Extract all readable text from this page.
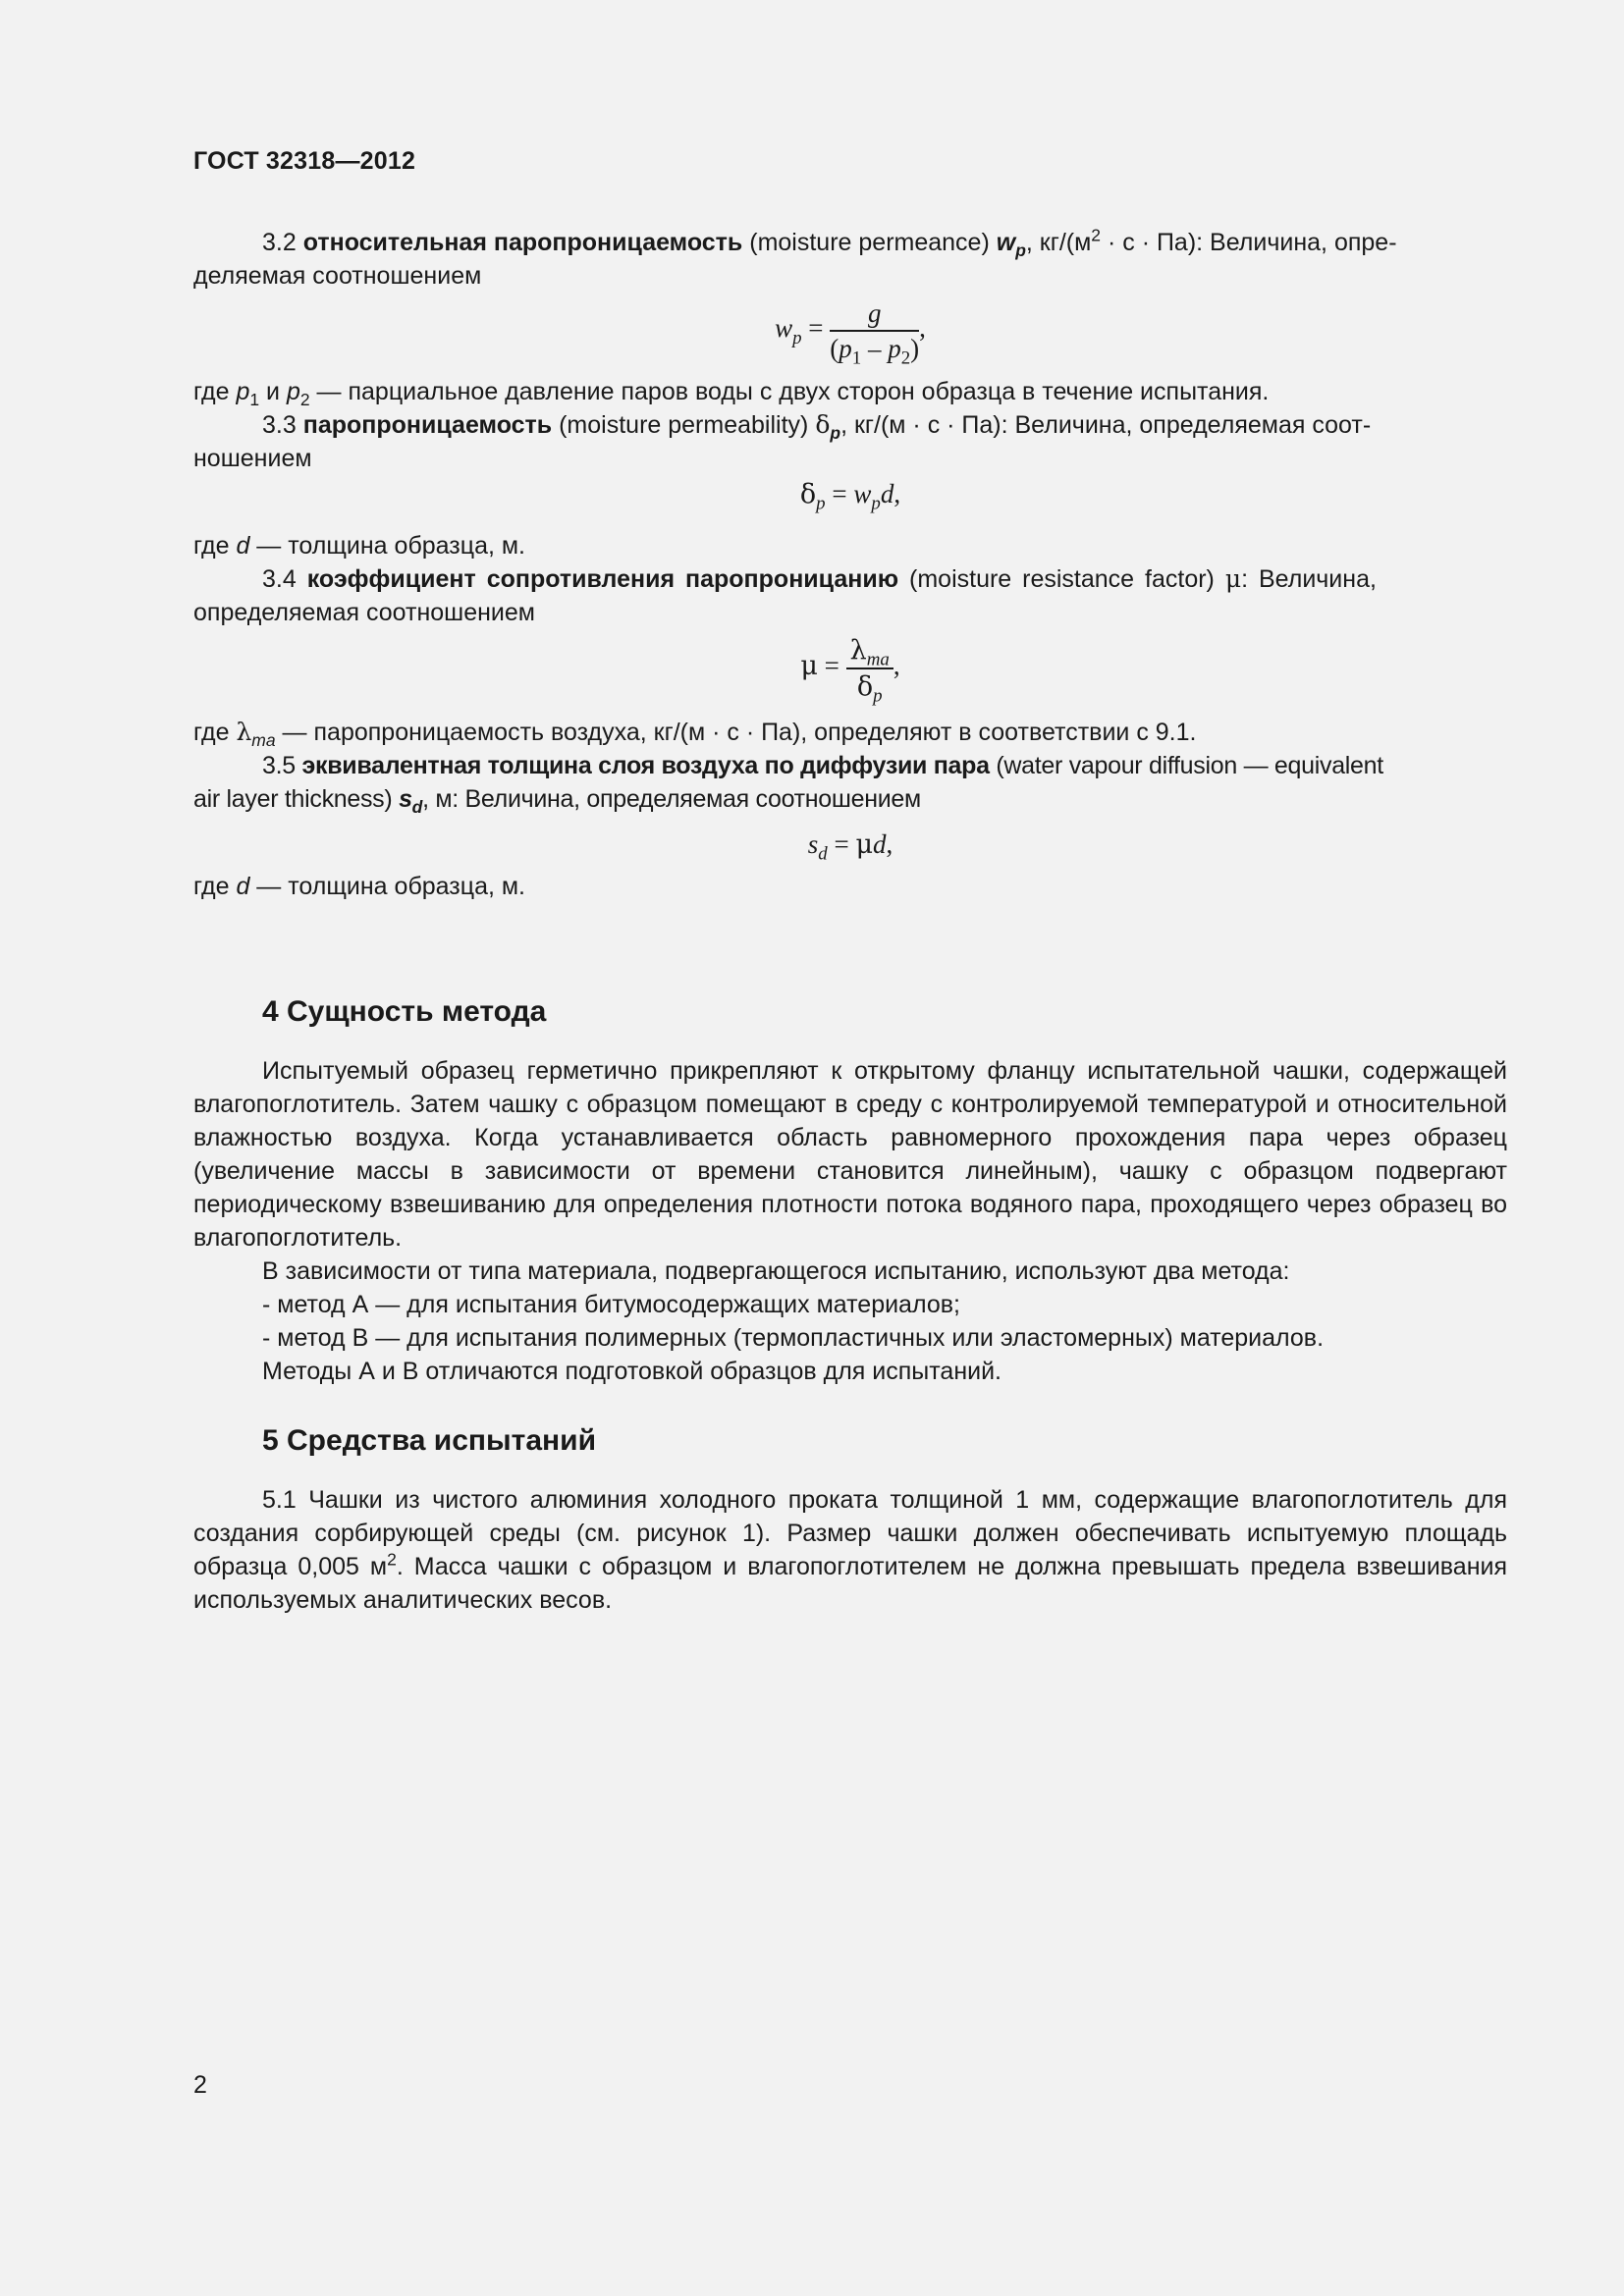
ГОСТ 32318—2012

3.2 относительная паропроницаемость (moisture permeance) $w_p$, $кг/(м^2 \cdot с \cdot Па)$: Величина, опре-
деляемая соотношением

$w_p = \frac{g}{(p_1 - p_2)}$ ,

где $p_1$ и $p_2$ — парциальное давление паров воды с двух сторон образца в течение испытания.

3.3 паропроницаемость (moisture permeability) $\delta_p$, кг/(м · с · Па): Величина, определяемая соот-
ношением

$\delta_p = w_pd$,

где d — толщина образца, м.

3.4 коэффициент сопротивления паропроницанию (moisture resistance factor) μ: Величина,
определяемая соотношением

$\mu = \frac{\lambda_{ma}}{\delta_p}$ ,

где $\lambda_{ma}$ — паропроницаемость воздуха, кг/(м · с · Па), определяют в соответствии с 9.1.

3.5 эквивалентная толщина слоя воздуха по диффузии пара (water vapour diffusion — equivalent
air layer thickness) $s_d$, м: Величина, определяемая соотношением

$s_d = \mu d$,

где d — толщина образца, м.

4 Сущность метода

Испытуемый образец герметично прикрепляют к открытому фланцу испытательной чашки, содержащей влагопоглотитель. Затем чашку с образцом помещают в среду с контролируемой температурой и относительной влажностью воздуха. Когда устанавливается область равномерного прохождения пара через образец (увеличение массы в зависимости от времени становится линейным), чашку с образцом подвергают периодическому взвешиванию для определения плотности потока водяного пара, проходящего через образец во влагопоглотитель.

В зависимости от типа материала, подвергающегося испытанию, используют два метода:

- метод А — для испытания битумосодержащих материалов;

- метод В — для испытания полимерных (термопластичных или эластомерных) материалов.

Методы А и В отличаются подготовкой образцов для испытаний.

5 Средства испытаний

5.1 Чашки из чистого алюминия холодного проката толщиной 1 мм, содержащие влагопоглотитель для создания сорбирующей среды (см. рисунок 1). Размер чашки должен обеспечивать испытуемую площадь образца 0,005 $м^2$. Масса чашки с образцом и влагопоглотителем не должна превышать предела взвешивания используемых аналитических весов.

2
